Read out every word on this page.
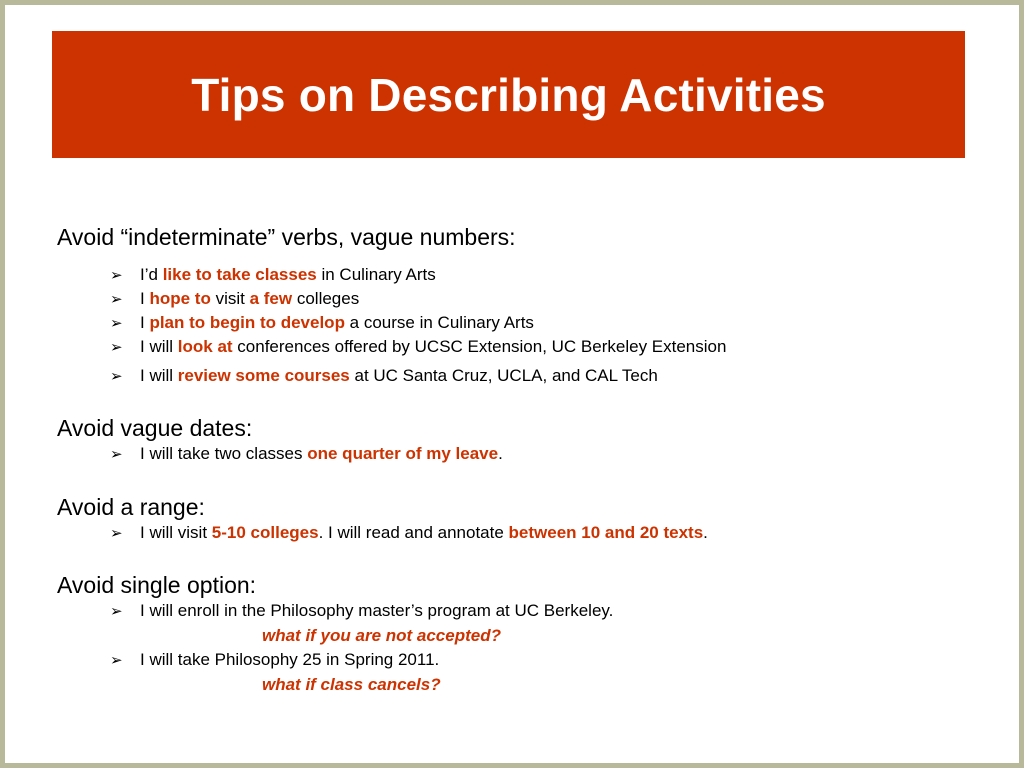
Tips on Describing Activities
Avoid “indeterminate” verbs, vague numbers:
➢ I’d like to take classes in Culinary Arts
➢ I hope to visit a few colleges
➢ I plan to begin to develop a course in Culinary Arts
➢ I will look at conferences offered by UCSC Extension, UC Berkeley Extension
➢ I will review some courses at UC Santa Cruz, UCLA, and CAL Tech
Avoid vague dates:
➢ I will take two classes one quarter of my leave.
Avoid a range:
➢ I will visit 5-10 colleges. I will read and annotate between 10 and 20 texts.
Avoid single option:
➢ I will enroll in the Philosophy master’s program at UC Berkeley.
what if you are not accepted?
➢ I will take Philosophy 25 in Spring 2011.
what if class cancels?
